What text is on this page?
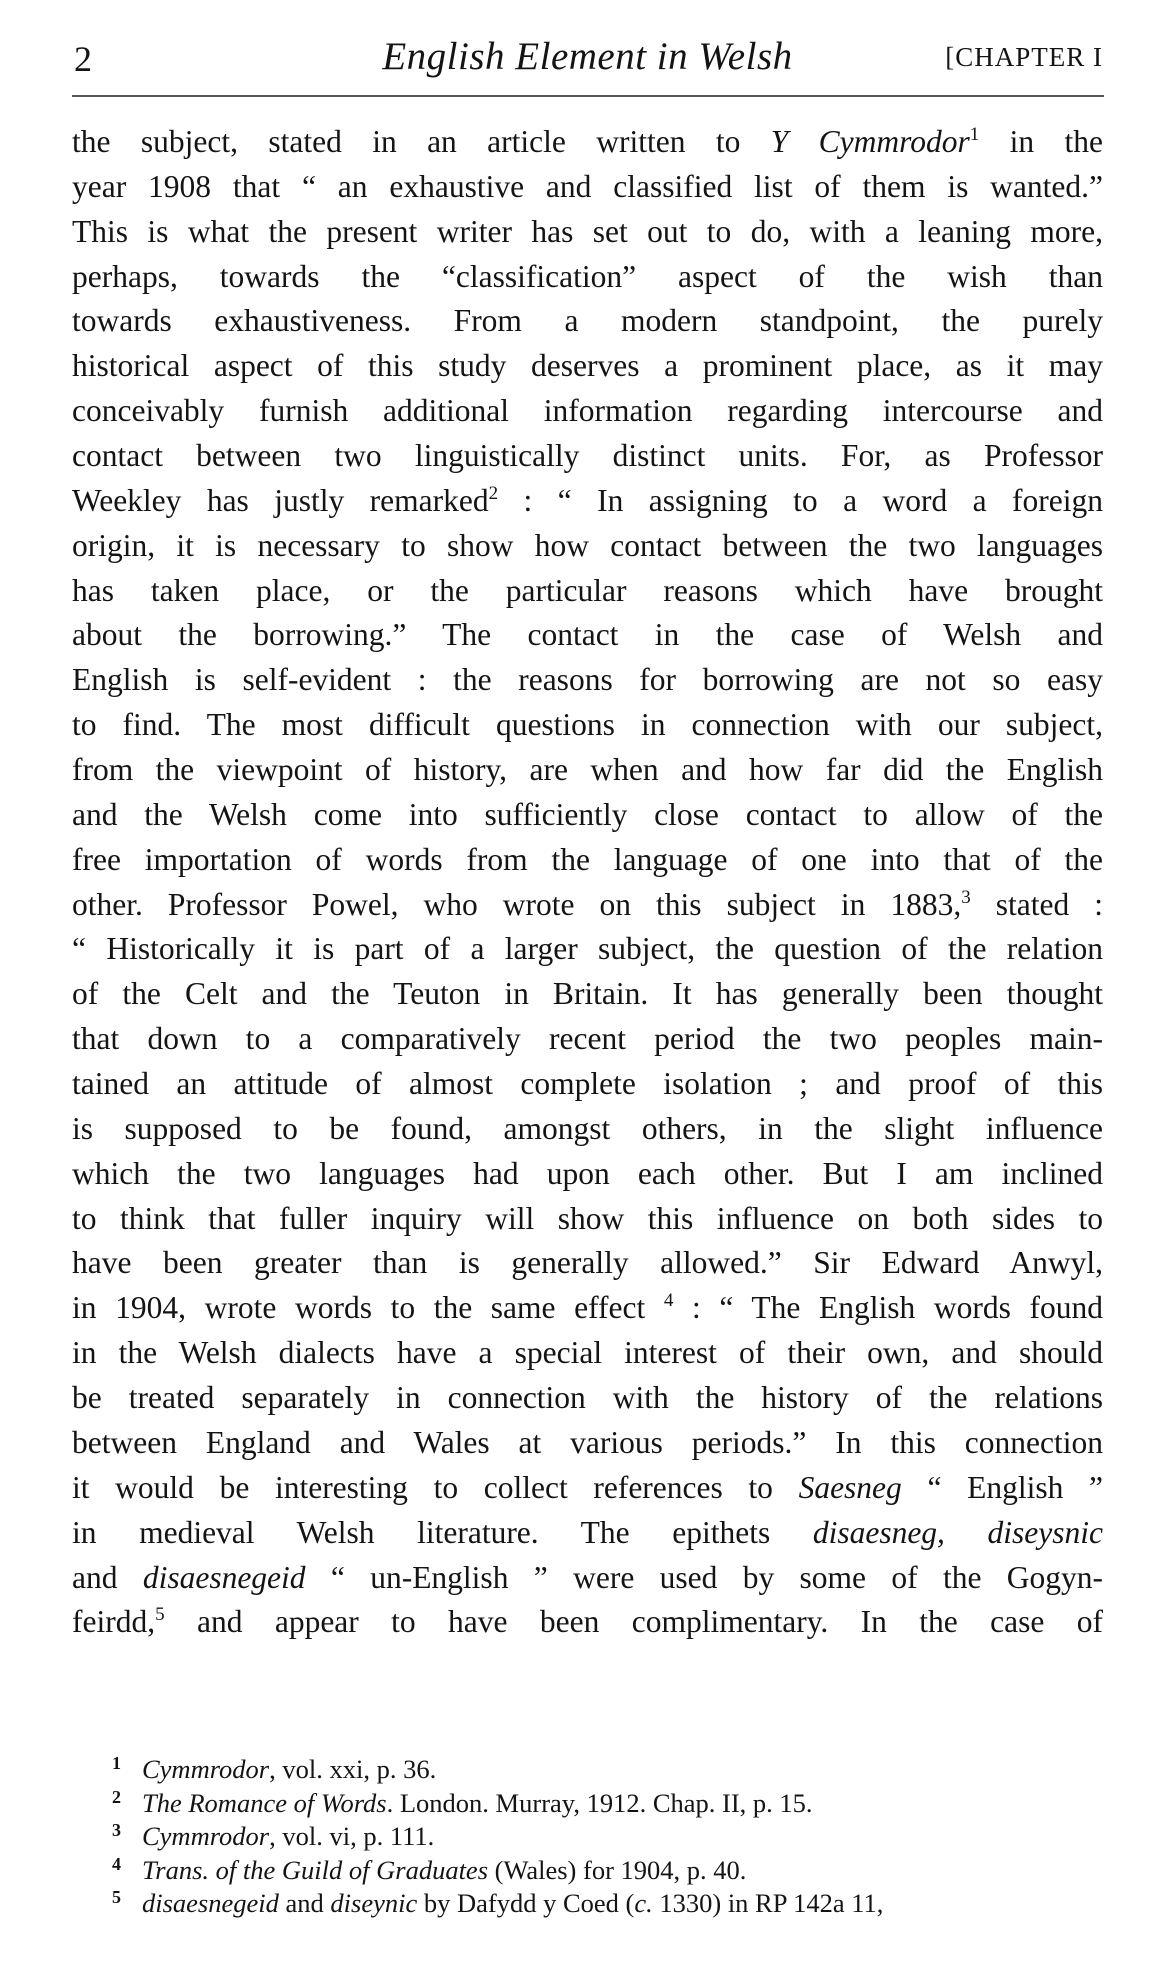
2	English Element in Welsh	[CHAPTER I
the subject, stated in an article written to Y Cymmrodor$^1$ in the
year 1908 that “ an exhaustive and classified list of them is wanted.”
This is what the present writer has set out to do, with a leaning more,
perhaps, towards the “classification” aspect of the wish than
towards exhaustiveness. From a modern standpoint, the purely
historical aspect of this study deserves a prominent place, as it may
conceivably furnish additional information regarding intercourse and
contact between two linguistically distinct units. For, as Professor
Weekley has justly remarked$^2$ : “ In assigning to a word a foreign
origin, it is necessary to show how contact between the two languages
has taken place, or the particular reasons which have brought
about the borrowing.” The contact in the case of Welsh and
English is self-evident : the reasons for borrowing are not so easy
to find. The most difficult questions in connection with our subject,
from the viewpoint of history, are when and how far did the English
and the Welsh come into sufficiently close contact to allow of the
free importation of words from the language of one into that of the
other. Professor Powel, who wrote on this subject in 1883,$^3$ stated :
“ Historically it is part of a larger subject, the question of the relation
of the Celt and the Teuton in Britain. It has generally been thought
that down to a comparatively recent period the two peoples main-
tained an attitude of almost complete isolation ; and proof of this
is supposed to be found, amongst others, in the slight influence
which the two languages had upon each other. But I am inclined
to think that fuller inquiry will show this influence on both sides to
have been greater than is generally allowed.” Sir Edward Anwyl,
in 1904, wrote words to the same effect $^4$ : “ The English words found
in the Welsh dialects have a special interest of their own, and should
be treated separately in connection with the history of the relations
between England and Wales at various periods.” In this connection
it would be interesting to collect references to Saesneg “ English ”
in medieval Welsh literature. The epithets disaesneg, diseysnic
and disaesnegeid “ un-English ” were used by some of the Gogyn-
feirdd,$^5$ and appear to have been complimentary. In the case of
1 Cymmrodor, vol. xxi, p. 36.
2 The Romance of Words. London. Murray, 1912. Chap. II, p. 15.
3 Cymmrodor, vol. vi, p. 111.
4 Trans. of the Guild of Graduates (Wales) for 1904, p. 40.
5 disaesnegeid and diseynic by Dafydd y Coed (c. 1330) in RP 142a 11,
